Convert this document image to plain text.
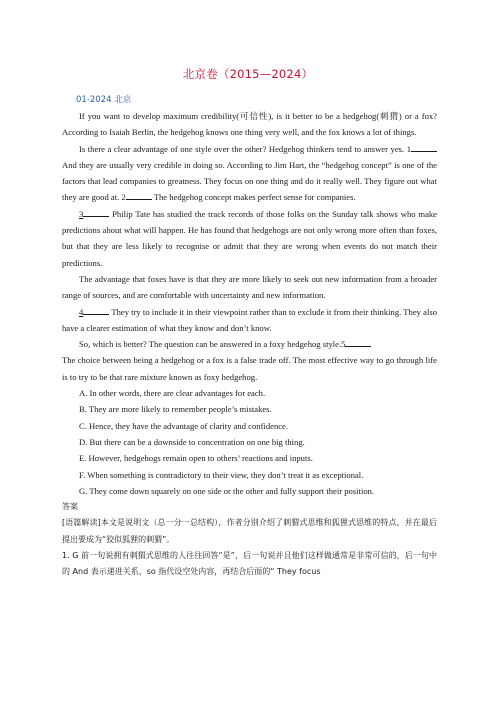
北京卷（2015—2024）
01-2024 北京

If you want to develop maximum credibility(可信性), is it better to be a hedgehog(刺猬) or a fox? According to Isaiah Berlin, the hedgehog knows one thing very well, and the fox knows a lot of things.

Is there a clear advantage of one style over the other? Hedgehog thinkers tend to answer yes. 1 And they are usually very credible in doing so. According to Jim Hart, the “hedgehog concept” is one of the factors that lead companies to greatness. They focus on one thing and do it really well. They figure out what they are good at. 2	The hedgehog concept makes perfect sense for companies.

3	Philip Tate has studied the track records of those folks on the Sunday talk shows who make predictions about what will happen. He has found that hedgehogs are not only wrong more often than foxes, but that they are less likely to recognise or admit that they are wrong when events do not match their predictions.

The advantage that foxes have is that they are more likely to seek out new information from a broader range of sources, and are comfortable with uncertainty and new information.

4	They try to include it in their viewpoint rather than to exclude it from their thinking. They also have a clearer estimation of what they know and don’t know.

So, which is better? The question can be answered in a foxy hedgehog style.5

The choice between being a hedgehog or a fox is a false trade off. The most effective way to go through life is to try to be that rare mixture known as foxy hedgehog.

A. In other words, there are clear advantages for each.

B. They are more likely to remember people’s mistakes.

C. Hence, they have the advantage of clarity and confidence.

D. But there can be a downside to concentration on one big thing.

E. However, hedgehogs remain open to others’ reactions and inputs.

F. When something is contradictory to their view, they don’t treat it as exceptional.

G. They come down squarely on one side or the other and fully support their position.

答案

[语篇解读]本文是说明文（总一分一总结构），作者分别介绍了刺猬式思维和狐狸式思维的特点，并在最后提出要成为“狡似狐狸的刺猬”。

1. G 前一句说拥有刺猬式思维的人往往回答“是”，后一句说并且他们这样做通常是非常可信的，后一句中的 And 表示递进关系，so 指代设空处内容，再结合后面的“ They focus
